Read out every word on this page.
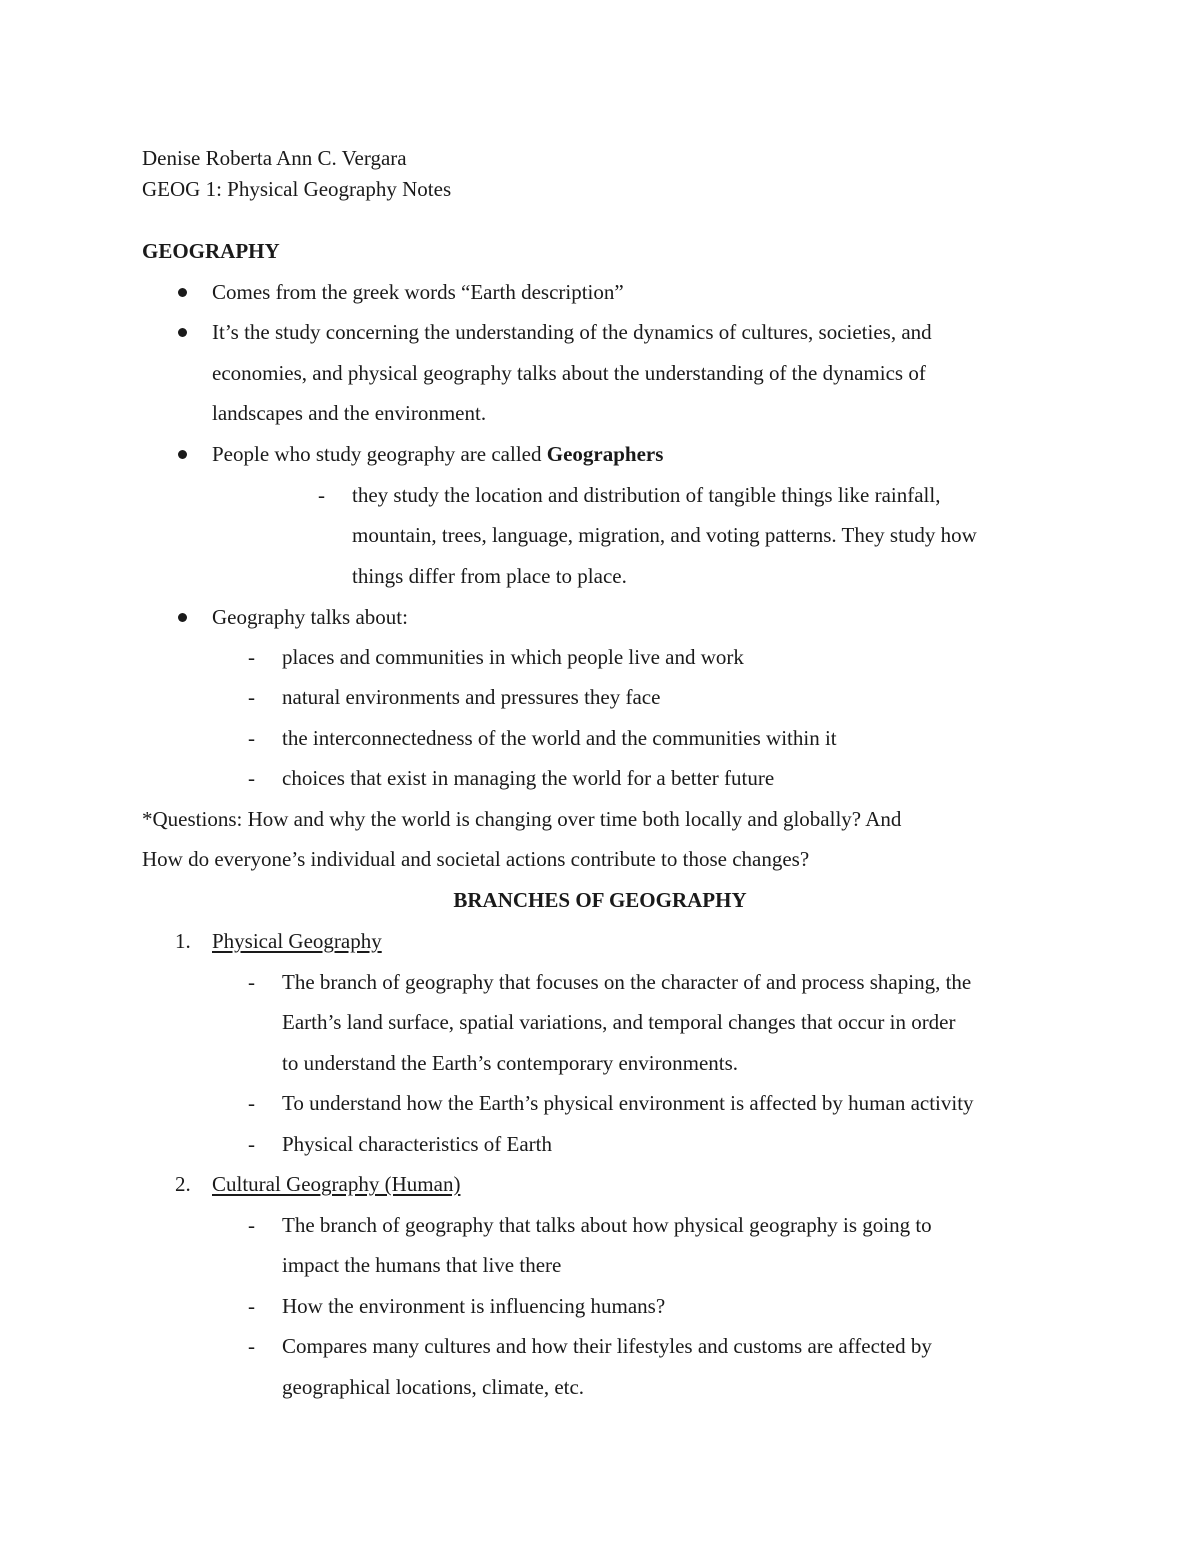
Denise Roberta Ann C. Vergara
GEOG 1: Physical Geography Notes
GEOGRAPHY
Comes from the greek words “Earth description”
It’s the study concerning the understanding of the dynamics of cultures, societies, and
economies, and physical geography talks about the understanding of the dynamics of
landscapes and the environment.
People who study geography are called Geographers
- they study the location and distribution of tangible things like rainfall,
mountain, trees, language, migration, and voting patterns. They study how
things differ from place to place.
Geography talks about:
- places and communities in which people live and work
- natural environments and pressures they face
- the interconnectedness of the world and the communities within it
- choices that exist in managing the world for a better future
*Questions: How and why the world is changing over time both locally and globally? And
How do everyone’s individual and societal actions contribute to those changes?
BRANCHES OF GEOGRAPHY
1. Physical Geography
- The branch of geography that focuses on the character of and process shaping, the
Earth’s land surface, spatial variations, and temporal changes that occur in order
to understand the Earth’s contemporary environments.
- To understand how the Earth’s physical environment is affected by human activity
- Physical characteristics of Earth
2. Cultural Geography (Human)
- The branch of geography that talks about how physical geography is going to
impact the humans that live there
- How the environment is influencing humans?
- Compares many cultures and how their lifestyles and customs are affected by
geographical locations, climate, etc.
